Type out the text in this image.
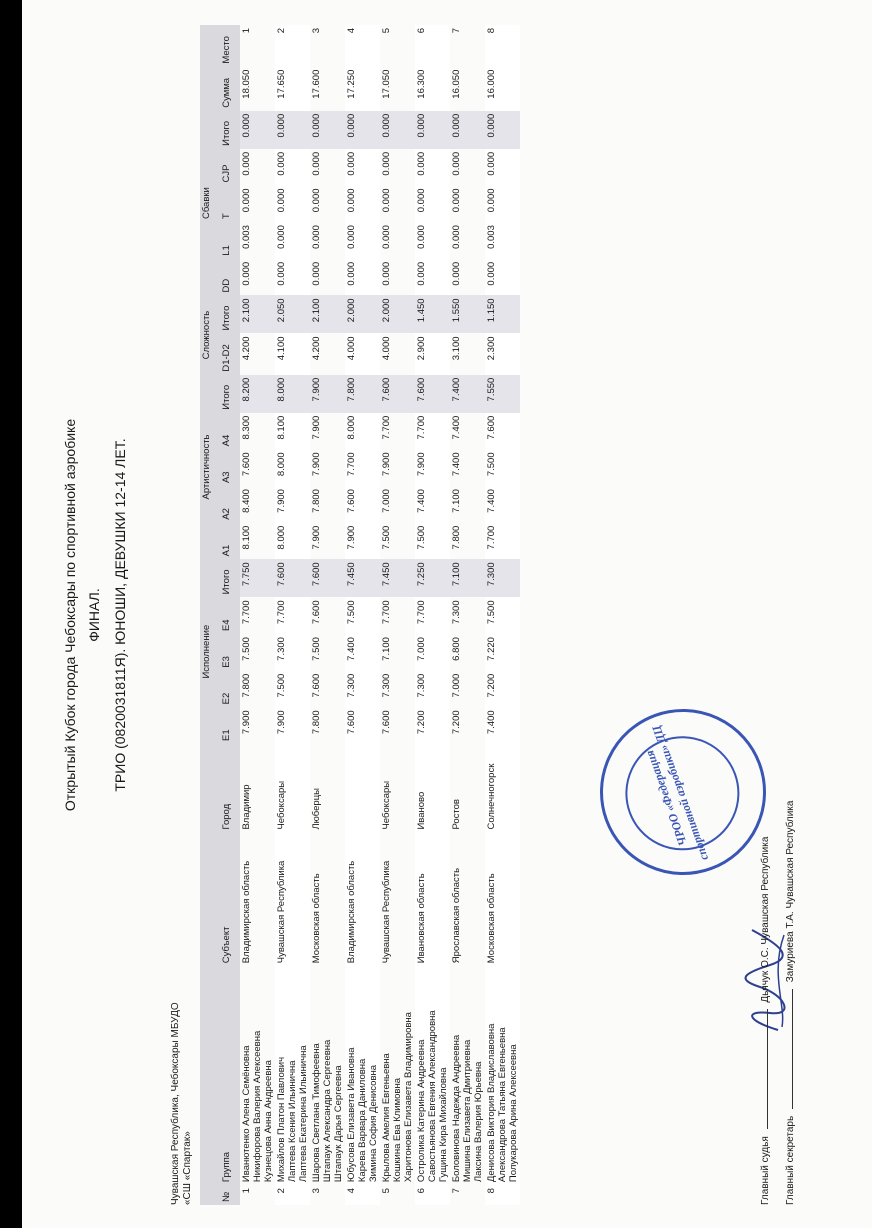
Открытый Кубок города Чебоксары по спортивной аэробике ФИНАЛ. ТРИО (0820031811Я). ЮНОШИ, ДЕВУШКИ 12-14 ЛЕТ.
Чувашская Республика, Чебоксары МБУДО «СШ «Спартак»
				Исполнение					Артистичность					Сложность		Сбавки						
№	Группа	Субъект	Город	E1	E2	E3	E4	Итого	A1	A2	A3	A4	Итого	D1-D2	Итого	DD	L1	T	CJP	Итого	Сумма	Место
1	Иванютенко Алена Семёновна Никифорова Валерия Алексеевна Кузнецова Анна Андреевна	Владимирская область	Владимир	7.900	7.800	7.500	7.700	7.750	8.100	8.400	7.600	8.300	8.200	4.200	2.100	0.000	0.003	0.000	0.000	0.000	18.050	1
2	Михайлов Платон Павлович Лаптева Ксения Ильинична Лаптева Екатерина Ильинична	Чувашская Республика	Чебоксары	7.900	7.500	7.300	7.700	7.600	8.000	7.900	8.000	8.100	8.000	4.100	2.050	0.000	0.000	0.000	0.000	0.000	17.650	2
3	Шарова Светлана Тимофеевна Штапаук Александра Сергеевна Штапаук Дарья Сергеевна	Московская область	Люберцы	7.800	7.600	7.500	7.600	7.600	7.900	7.800	7.900	7.900	7.900	4.200	2.100	0.000	0.000	0.000	0.000	0.000	17.600	3
4	Юбусова Елизавета Ивановна Карева Варвара Даниловна Зимина София Денисовна	Владимирская область		7.600	7.300	7.400	7.500	7.450	7.900	7.600	7.700	8.000	7.800	4.000	2.000	0.000	0.000	0.000	0.000	0.000	17.250	4
5	Крылова Амелия Евгеньевна Кошкина Ева Климовна Харитонова Елизавета Владимировна	Чувашская Республика	Чебоксары	7.600	7.300	7.100	7.700	7.450	7.500	7.000	7.900	7.700	7.600	4.000	2.000	0.000	0.000	0.000	0.000	0.000	17.050	5
6	Остролика Катерина Андреевна Савостьянова Евгения Александровна Гущина Кира Михайловна	Ивановская область	Иваново	7.200	7.300	7.000	7.700	7.250	7.500	7.400	7.900	7.700	7.600	2.900	1.450	0.000	0.000	0.000	0.000	0.000	16.300	6
7	Боловинова Надежда Андреевна Мишина Елизавета Дмитриевна Лаксина Валерия Юрьевна	Ярославская область	Ростов	7.200	7.000	6.800	7.300	7.100	7.800	7.100	7.400	7.400	7.400	3.100	1.550	0.000	0.000	0.000	0.000	0.000	16.050	7
8	Денисова Виктория Владиславовна Александрова Татьяна Евгеньевна Полукарова Арина Алексеевна	Московская область	Солнечногорск	7.400	7.200	7.220	7.500	7.300	7.700	7.400	7.500	7.600	7.550	2.300	1.150	0.000	0.003	0.000	0.000	0.000	16.000	8
ЧРОО «Федерация спортивной аэробики» ДЦ
Главный судья  Дьячук О.С. Чувашская Республика
Главный секретарь  Замуриева Т.А. Чувашская Республика
